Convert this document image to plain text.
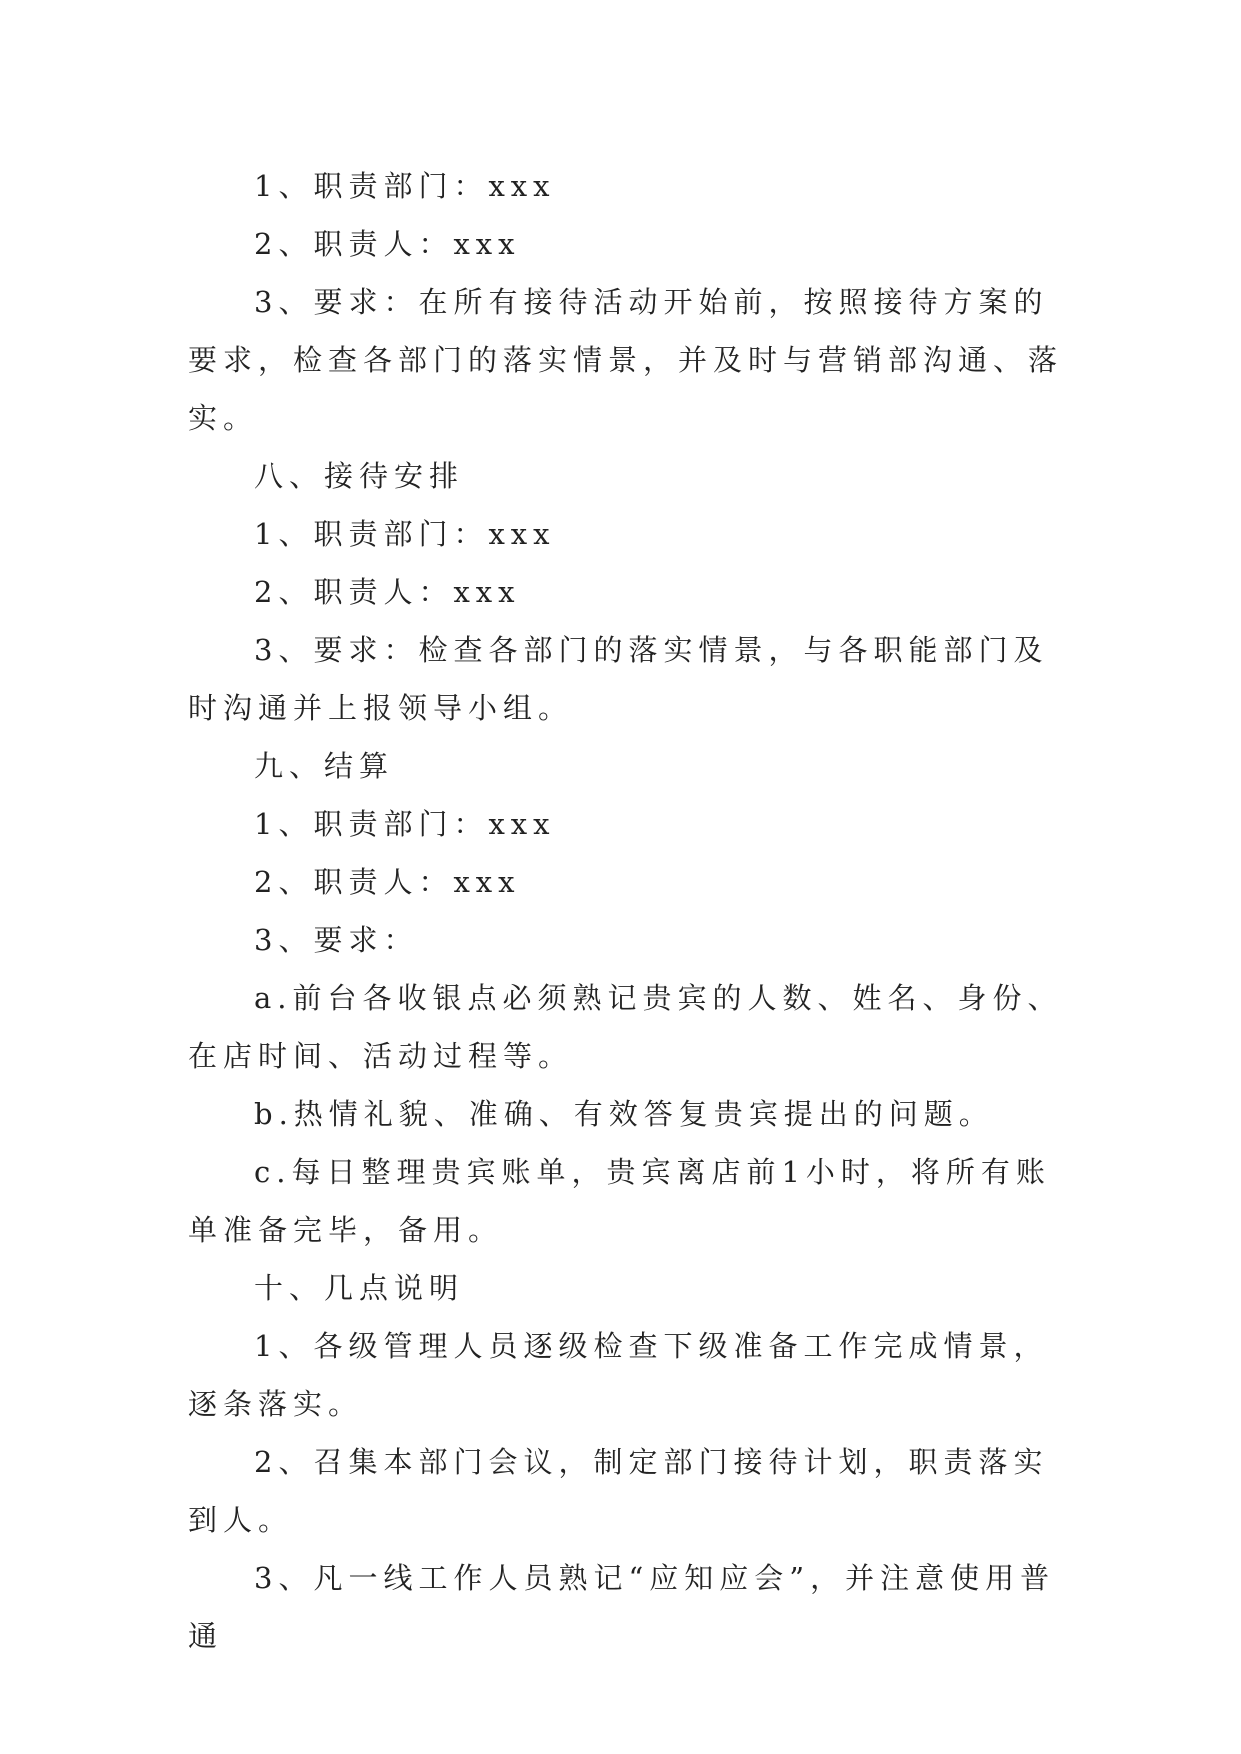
1、职责部门：xxx

2、职责人：xxx

3、要求：在所有接待活动开始前，按照接待方案的要求，检查各部门的落实情景，并及时与营销部沟通、落实。

八、接待安排

1、职责部门：xxx

2、职责人：xxx

3、要求：检查各部门的落实情景，与各职能部门及时沟通并上报领导小组。

九、结算

1、职责部门：xxx

2、职责人：xxx

3、要求：

a.前台各收银点必须熟记贵宾的人数、姓名、身份、在店时间、活动过程等。

b.热情礼貌、准确、有效答复贵宾提出的问题。

c.每日整理贵宾账单，贵宾离店前1小时，将所有账单准备完毕，备用。

十、几点说明

1、各级管理人员逐级检查下级准备工作完成情景，逐条落实。

2、召集本部门会议，制定部门接待计划，职责落实到人。

3、凡一线工作人员熟记“应知应会”，并注意使用普通
